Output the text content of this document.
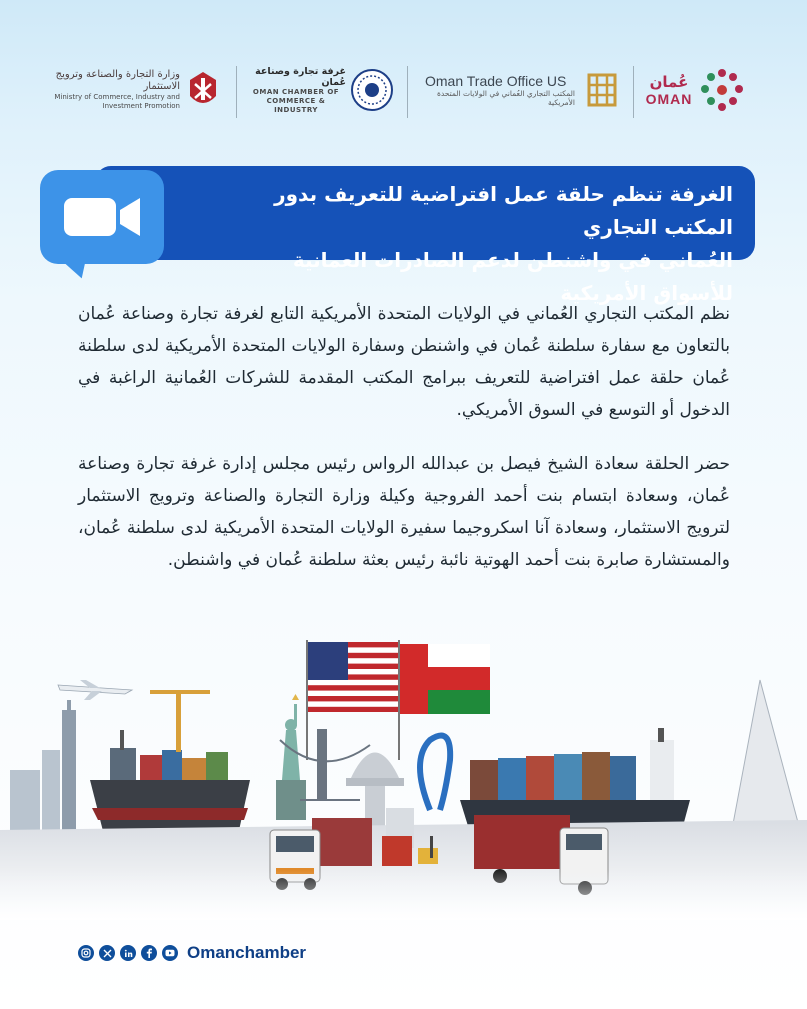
وزارة التجارة والصناعة وترويج الاستثمار
Ministry of Commerce, Industry and
Investment Promotion
غرفة تجارة وصناعة عُمان
OMAN CHAMBER OF
COMMERCE & INDUSTRY
Oman Trade Office US
المكتب التجاري العُماني في الولايات المتحدة الأمريكية
عُمان
OMAN
الغرفة تنظم حلقة عمل افتراضية للتعريف بدور المكتب التجاري
العُماني في واشنطن لدعم الصادرات العمانية للأسواق الأمريكية
نظم المكتب التجاري العُماني في الولايات المتحدة الأمريكية التابع لغرفة تجارة وصناعة عُمان بالتعاون مع سفارة سلطنة عُمان في واشنطن وسفارة الولايات المتحدة الأمريكية لدى سلطنة عُمان حلقة عمل افتراضية للتعريف ببرامج المكتب المقدمة للشركات العُمانية الراغبة في الدخول أو التوسع في السوق الأمريكي.
حضر الحلقة سعادة الشيخ فيصل بن عبدالله الرواس رئيس مجلس إدارة غرفة تجارة وصناعة عُمان، وسعادة ابتسام بنت أحمد الفروجية وكيلة وزارة التجارة والصناعة وترويج الاستثمار لترويج الاستثمار، وسعادة آنا اسكروجيما سفيرة الولايات المتحدة الأمريكية لدى سلطنة عُمان، والمستشارة صابرة بنت أحمد الهوتية نائبة رئيس بعثة سلطنة عُمان في واشنطن.
Omanchamber
